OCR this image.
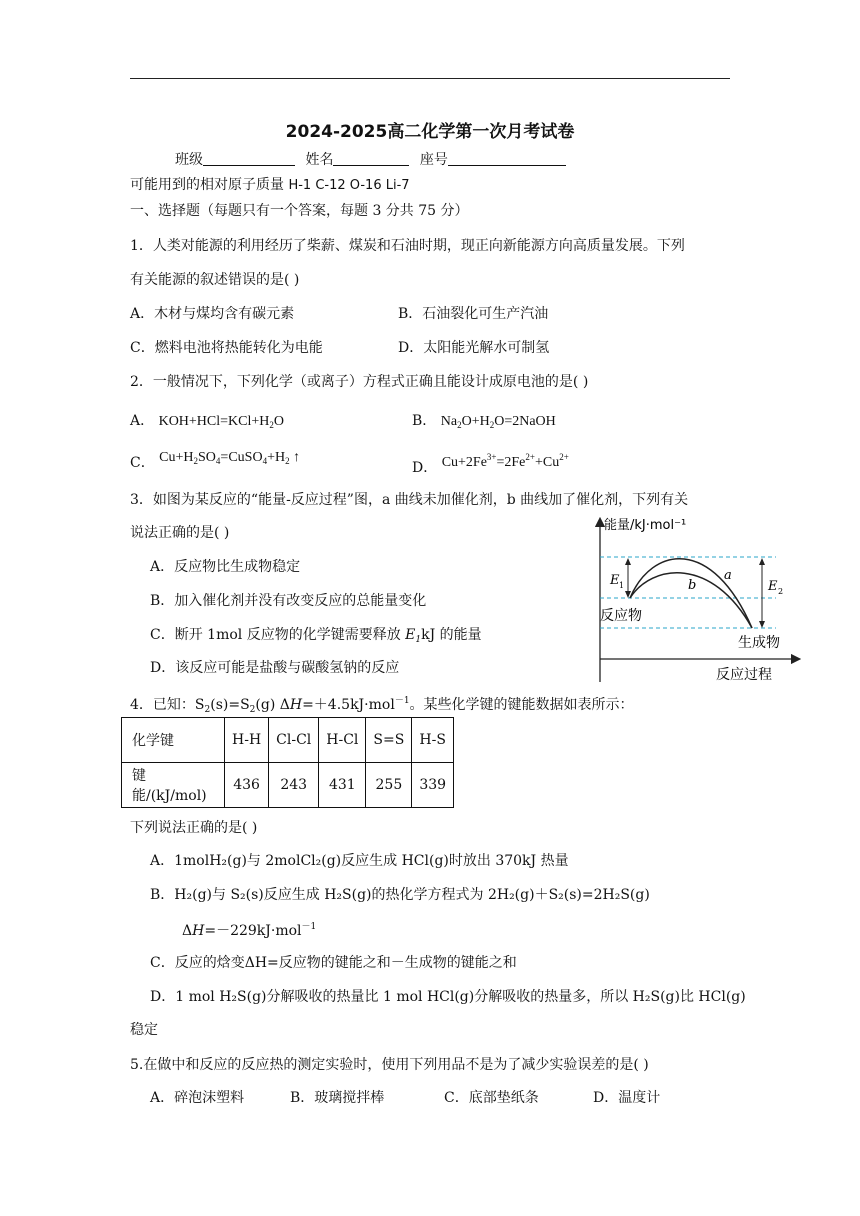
2024-2025高二化学第一次月考试卷
班级	姓名	座号
可能用到的相对原子质量 H-1 C-12 O-16 Li-7
一、选择题（每题只有一个答案，每题 3 分共 75 分）
1．人类对能源的利用经历了柴薪、煤炭和石油时期，现正向新能源方向高质量发展。下列
有关能源的叙述错误的是( )
A．木材与煤均含有碳元素	B．石油裂化可生产汽油
C．燃料电池将热能转化为电能	D．太阳能光解水可制氢
2．一般情况下，下列化学（或离子）方程式正确且能设计成原电池的是( )
A． $KOH+HCl=KCl+H_2O$	B． $Na_2O+H_2O=2NaOH$
C． $Cu+H_2SO_4=CuSO_4+H_2$ ↑
D． $Cu+2Fe^{3+}=2Fe^{2+}+Cu^{2+}$
3．如图为某反应的“能量-反应过程”图，a 曲线未加催化剂，b 曲线加了催化剂，下列有关
说法正确的是( )
A．反应物比生成物稳定
B．加入催化剂并没有改变反应的总能量变化
C．断开 1mol 反应物的化学键需要释放 $E_1kJ$ 的能量
D．该反应可能是盐酸与碳酸氢钠的反应
能量/kJ·mol⁻¹
反应过程
反应物
生成物
a
b
E 1	E 2
4．已知：$S_2(s)=S_2(g)$ ΔH=＋4.5kJ·mol$^{-1}$。某些化学键的键能数据如表所示：
化学键	H-H	Cl-Cl	H-Cl	S=S	H-S
键能/(kJ/mol)	436	243	431	255	339
下列说法正确的是( )
A．1molH₂(g)与 2molCl₂(g)反应生成 HCl(g)时放出 370kJ 热量
B．H₂(g)与 S₂(s)反应生成 H₂S(g)的热化学方程式为 2H₂(g)＋S₂(s)=2H₂S(g)
ΔH=－229kJ·mol$^{-1}$
C．反应的焓变ΔH=反应物的键能之和－生成物的键能之和
D．1 mol H₂S(g)分解吸收的热量比 1 mol HCl(g)分解吸收的热量多，所以 H₂S(g)比 HCl(g)
稳定
5.在做中和反应的反应热的测定实验时，使用下列用品不是为了减少实验误差的是( )
A．碎泡沫塑料	B．玻璃搅拌棒	C．底部垫纸条	D．温度计
